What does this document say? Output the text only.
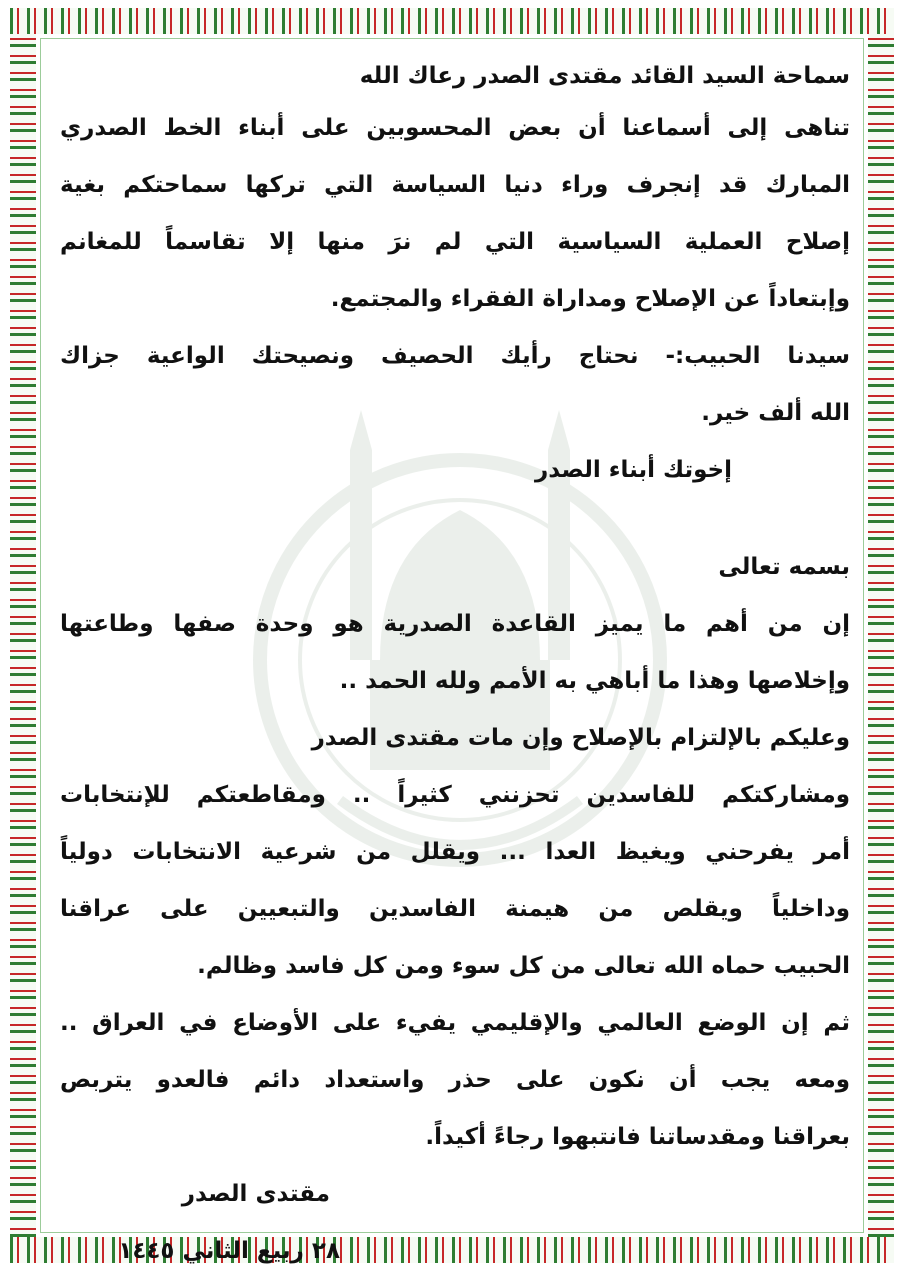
سماحة السيد القائد مقتدى الصدر رعاك الله
تناهى إلى أسماعنا أن بعض المحسوبين على أبناء الخط الصدري
المبارك قد إنجرف وراء دنيا السياسة التي تركها سماحتكم بغية
إصلاح العملية السياسية التي لم نرَ منها إلا تقاسماً للمغانم
وإبتعاداً عن الإصلاح ومداراة الفقراء والمجتمع.
سيدنا الحبيب:- نحتاج رأيك الحصيف ونصيحتك الواعية جزاك
الله ألف خير.
إخوتك أبناء الصدر
بسمه تعالى
إن من أهم ما يميز القاعدة الصدرية هو وحدة صفها وطاعتها
وإخلاصها وهذا ما أباهي به الأمم ولله الحمد ..
وعليكم بالإلتزام بالإصلاح وإن مات مقتدى الصدر
ومشاركتكم للفاسدين تحزنني كثيراً .. ومقاطعتكم للإنتخابات
أمر يفرحني ويغيظ العدا ... ويقلل من شرعية الانتخابات دولياً
وداخلياً ويقلص من هيمنة الفاسدين والتبعيين على عراقنا
الحبيب حماه الله تعالى من كل سوء ومن كل فاسد وظالم.
ثم إن الوضع العالمي والإقليمي يفيء على الأوضاع في العراق ..
ومعه يجب أن نكون على حذر واستعداد دائم فالعدو يتربص
بعراقنا ومقدساتنا فانتبهوا رجاءً أكيداً.
مقتدى الصدر
٢٨ ربيع الثاني ١٤٤٥
